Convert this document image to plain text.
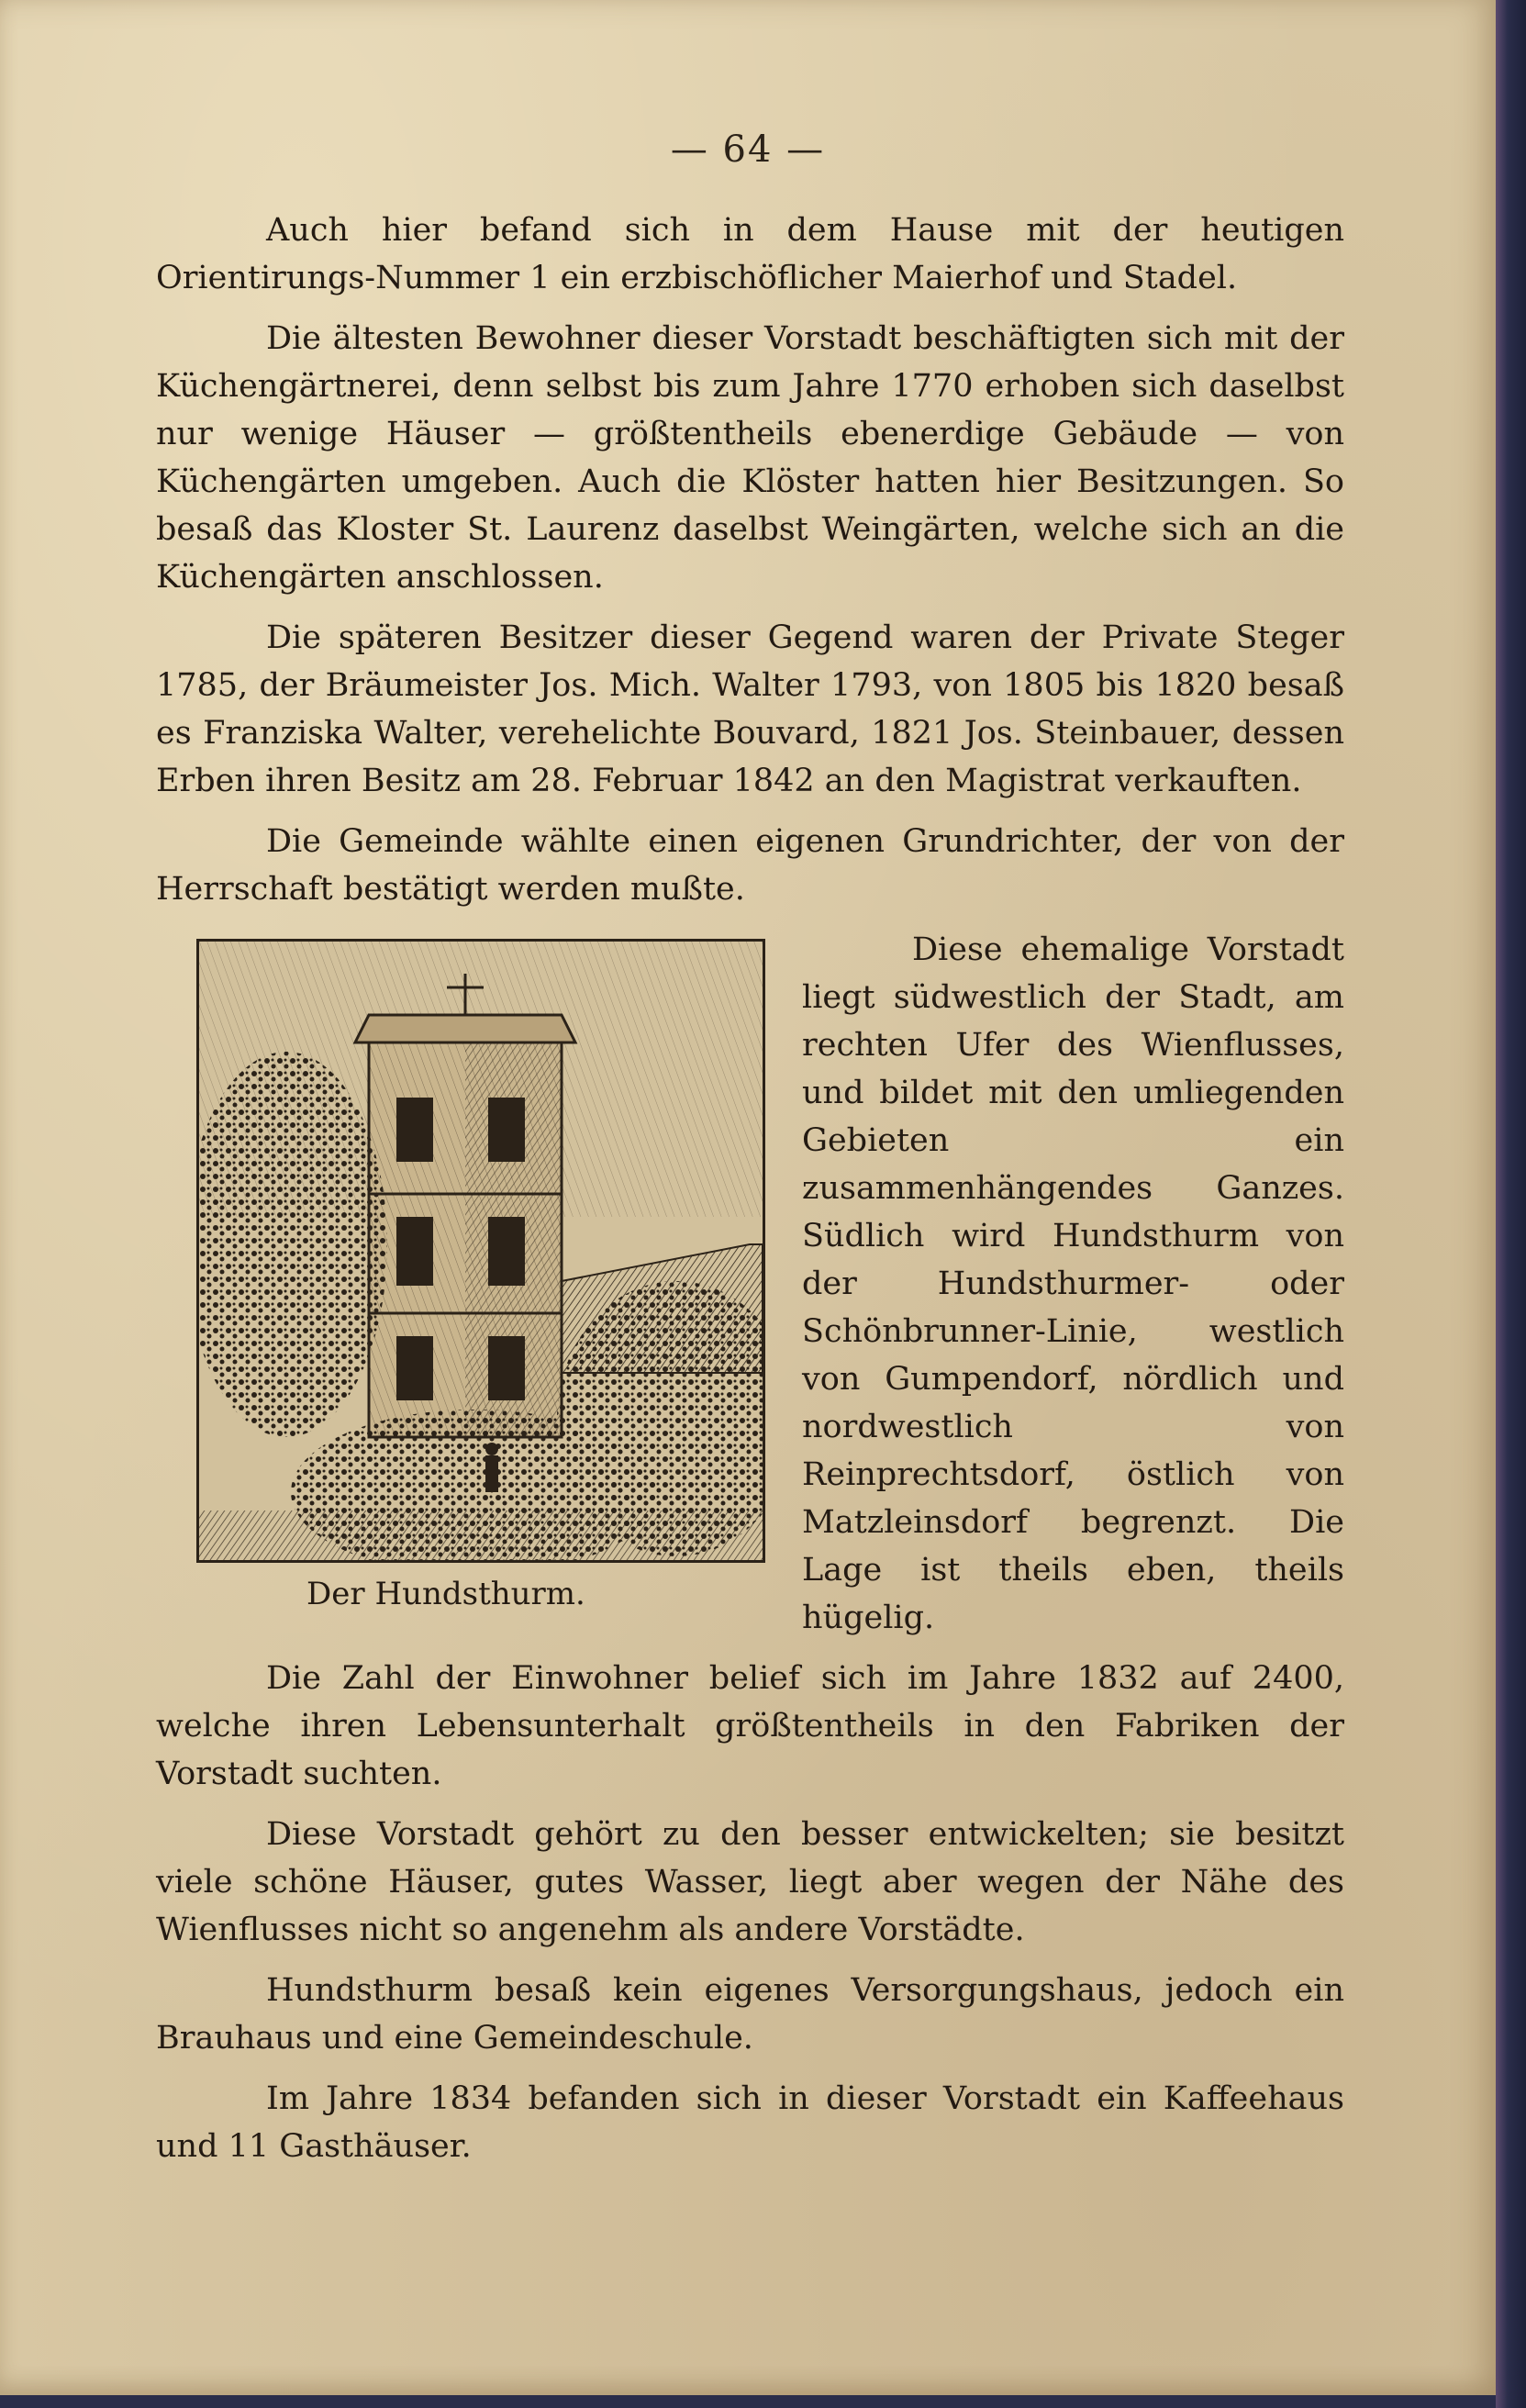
— 64 —

Auch hier befand sich in dem Hause mit der heutigen Orientirungs-Nummer 1 ein erzbischöflicher Maierhof und Stadel.

Die ältesten Bewohner dieser Vorstadt beschäftigten sich mit der Küchengärtnerei, denn selbst bis zum Jahre 1770 erhoben sich daselbst nur wenige Häuser — größtentheils ebenerdige Gebäude — von Küchengärten umgeben. Auch die Klöster hatten hier Besitzungen. So besaß das Kloster St. Laurenz daselbst Weingärten, welche sich an die Küchengärten anschlossen.

Die späteren Besitzer dieser Gegend waren der Private Steger 1785, der Bräumeister Jos. Mich. Walter 1793, von 1805 bis 1820 besaß es Franziska Walter, verehelichte Bouvard, 1821 Jos. Steinbauer, dessen Erben ihren Besitz am 28. Februar 1842 an den Magistrat verkauften.

Die Gemeinde wählte einen eigenen Grundrichter, der von der Herrschaft bestätigt werden mußte.

Der Hundsthurm.

Diese ehemalige Vorstadt liegt südwestlich der Stadt, am rechten Ufer des Wienflusses, und bildet mit den umliegenden Gebieten ein zusammenhängendes Ganzes. Südlich wird Hundsthurm von der Hundsthurmer- oder Schönbrunner-Linie, westlich von Gumpendorf, nördlich und nordwestlich von Reinprechtsdorf, östlich von Matzleinsdorf begrenzt. Die Lage ist theils eben, theils hügelig.

Die Zahl der Einwohner belief sich im Jahre 1832 auf 2400, welche ihren Lebensunterhalt größtentheils in den Fabriken der Vorstadt suchten.

Diese Vorstadt gehört zu den besser entwickelten; sie besitzt viele schöne Häuser, gutes Wasser, liegt aber wegen der Nähe des Wienflusses nicht so angenehm als andere Vorstädte.

Hundsthurm besaß kein eigenes Versorgungshaus, jedoch ein Brauhaus und eine Gemeindeschule.

Im Jahre 1834 befanden sich in dieser Vorstadt ein Kaffeehaus und 11 Gasthäuser.
